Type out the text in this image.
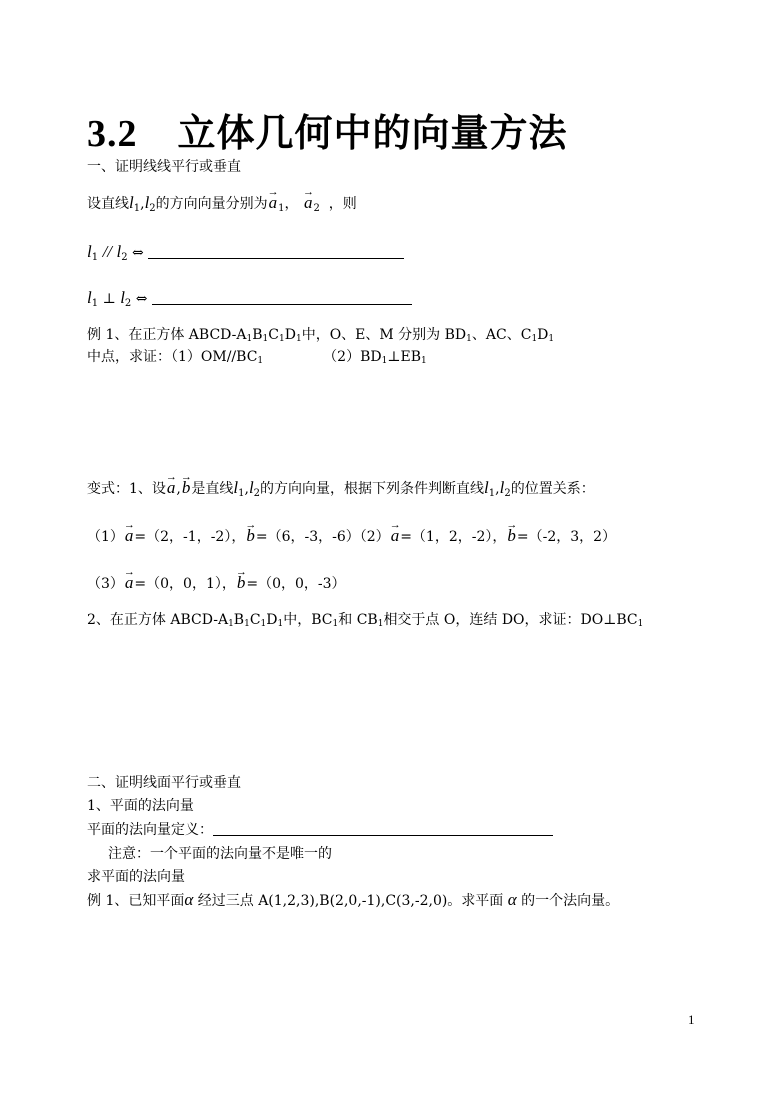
3.2 立体几何中的向量方法
一、证明线线平行或垂直
设直线$l_1,l_2$的方向向量分别为→ $a_1$， → $a_2$ ，则
$l_1 // l_2$ ⇔
$l_1$ ⊥ $l_2$ ⇔
例 1、在正方体 ABCD-A1B1C1D1中，O、E、M 分别为 BD1、AC、C1D1
中点，求证：（1）OM//BC1	（2）BD1⊥EB1
变式：1、设→ a,→ b是直线$l_1,l_2$的方向向量，根据下列条件判断直线$l_1,l_2$的位置关系：
（1）→ a=（2，-1，-2），→ b=（6，-3，-6）（2）→ a=（1，2，-2），→ b=（-2，3，2）
（3）→ a=（0，0，1），→ b=（0，0，-3）
2、在正方体 ABCD-A1B1C1D1中，BC1和 CB1相交于点 O，连结 DO，求证：DO⊥BC1
二、证明线面平行或垂直
1、平面的法向量
平面的法向量定义：
注意：一个平面的法向量不是唯一的
求平面的法向量
例 1、已知平面α 经过三点 A(1,2,3),B(2,0,-1),C(3,-2,0)。求平面 α 的一个法向量。
1
